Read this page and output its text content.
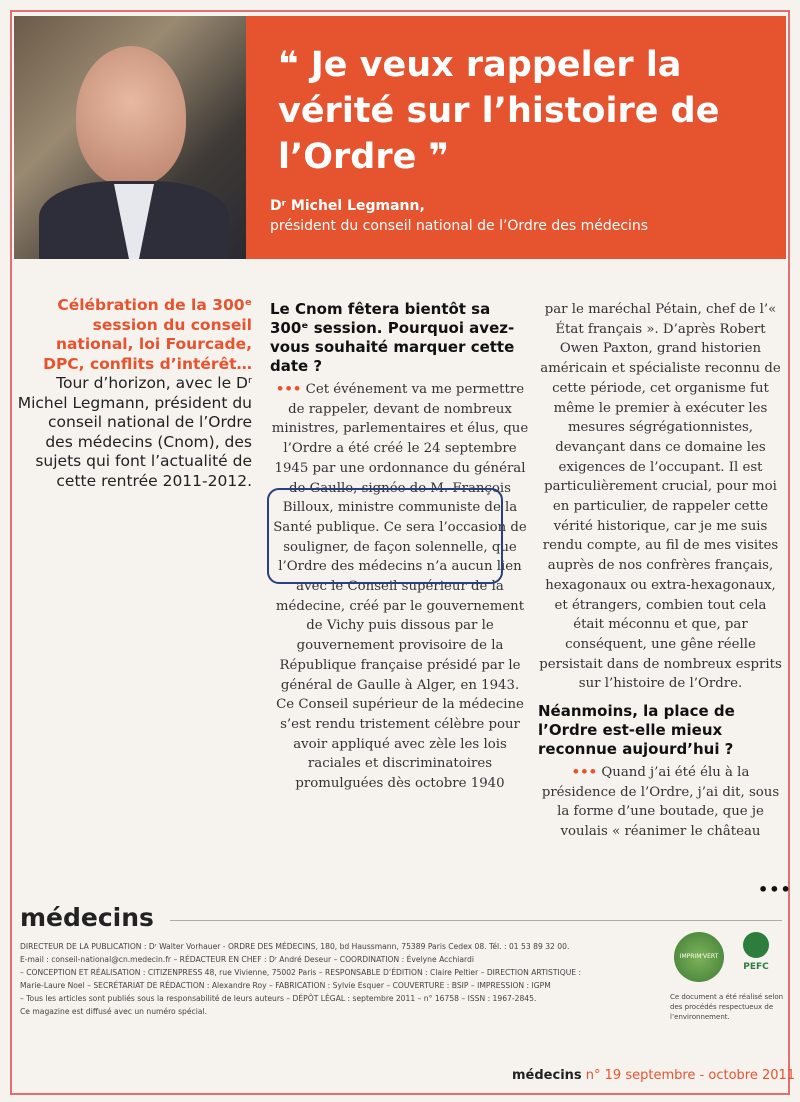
❝ Je veux rappeler la vérité sur l’histoire de l’Ordre ❞
Dʳ Michel Legmann,
président du conseil national de l’Ordre des médecins
Célébration de la 300ᵉ session du conseil national, loi Fourcade, DPC, conflits d’intérêt…
Tour d’horizon, avec le Dʳ Michel Legmann, président du conseil national de l’Ordre des médecins (Cnom), des sujets qui font l’actualité de cette rentrée 2011-2012.
Le Cnom fêtera bientôt sa 300ᵉ session. Pourquoi avez-vous souhaité marquer cette date ?
••• Cet événement va me permettre de rappeler, devant de nombreux ministres, parlementaires et élus, que l’Ordre a été créé le 24 septembre 1945 par une ordonnance du général de Gaulle, signée de M. François Billoux, ministre communiste de la Santé publique. Ce sera l’occasion de souligner, de façon solennelle, que l’Ordre des médecins n’a aucun lien avec le Conseil supérieur de la médecine, créé par le gouvernement de Vichy puis dissous par le gouvernement provisoire de la République française présidé par le général de Gaulle à Alger, en 1943. Ce Conseil supérieur de la médecine s’est rendu tristement célèbre pour avoir appliqué avec zèle les lois raciales et discriminatoires promulguées dès octobre 1940
par le maréchal Pétain, chef de l’« État français ». D’après Robert Owen Paxton, grand historien américain et spécialiste reconnu de cette période, cet organisme fut même le premier à exécuter les mesures ségrégationnistes, devançant dans ce domaine les exigences de l’occupant. Il est particulièrement crucial, pour moi en particulier, de rappeler cette vérité historique, car je me suis rendu compte, au fil de mes visites auprès de nos confrères français, hexagonaux ou extra-hexagonaux, et étrangers, combien tout cela était méconnu et que, par conséquent, une gêne réelle persistait dans de nombreux esprits sur l’histoire de l’Ordre.
Néanmoins, la place de l’Ordre est-elle mieux reconnue aujourd’hui ?
••• Quand j’ai été élu à la présidence de l’Ordre, j’ai dit, sous la forme d’une boutade, que je voulais « réanimer le château
•••
médecins
DIRECTEUR DE LA PUBLICATION : Dʳ Walter Vorhauer - ORDRE DES MÉDECINS, 180, bd Haussmann, 75389 Paris Cedex 08. Tél. : 01 53 89 32 00.
E-mail : conseil-national@cn.medecin.fr – RÉDACTEUR EN CHEF : Dʳ André Deseur – COORDINATION : Évelyne Acchiardi
– CONCEPTION ET RÉALISATION : CITIZENPRESS 48, rue Vivienne, 75002 Paris – RESPONSABLE D’ÉDITION : Claire Peltier – DIRECTION ARTISTIQUE :
Marie-Laure Noel – SECRÉTARIAT DE RÉDACTION : Alexandre Roy – FABRICATION : Sylvie Esquer – COUVERTURE : BSIP – IMPRESSION : IGPM
– Tous les articles sont publiés sous la responsabilité de leurs auteurs – DÉPÔT LÉGAL : septembre 2011 – n° 16758 – ISSN : 1967-2845.
Ce magazine est diffusé avec un numéro spécial.
IMPRIM'VERT
PEFC
Ce document a été réalisé selon des procédés respectueux de l’environnement.
médecins n° 19 septembre - octobre 2011
